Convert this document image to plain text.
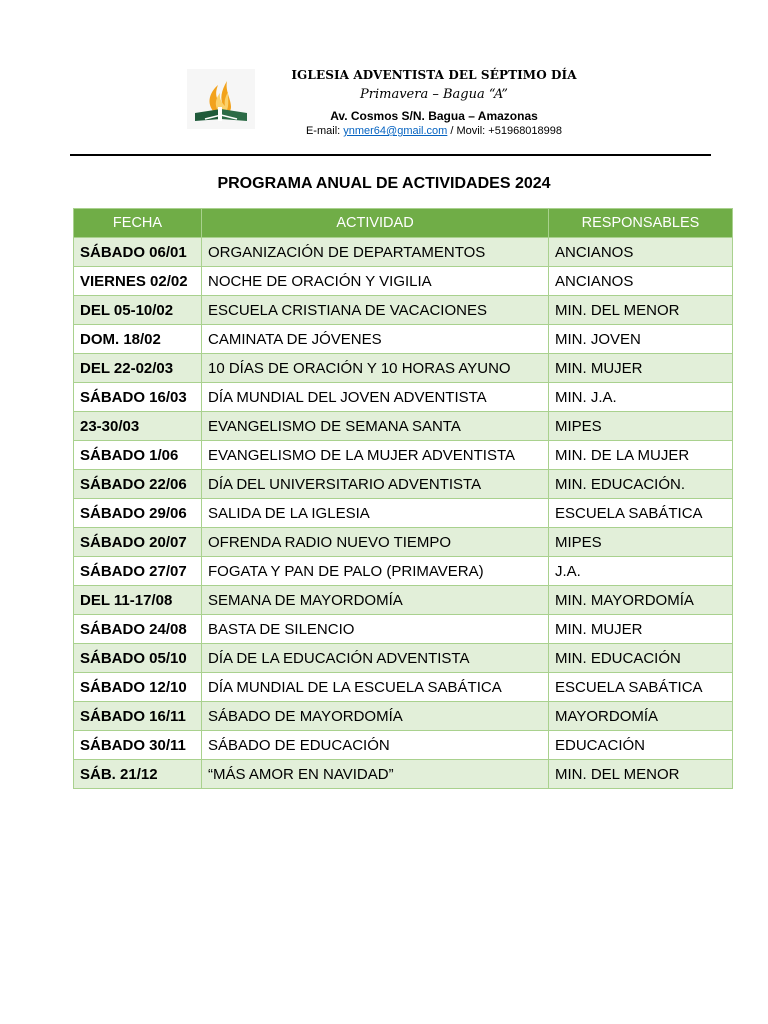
IGLESIA ADVENTISTA DEL SÉPTIMO DÍA
Primavera – Bagua “A”
Av. Cosmos S/N. Bagua – Amazonas
E-mail: ynmer64@gmail.com / Movil: +51968018998
PROGRAMA ANUAL DE ACTIVIDADES 2024
FECHA	ACTIVIDAD	RESPONSABLES
SÁBADO 06/01	ORGANIZACIÓN DE DEPARTAMENTOS	ANCIANOS
VIERNES 02/02	NOCHE DE ORACIÓN Y VIGILIA	ANCIANOS
DEL 05-10/02	ESCUELA CRISTIANA DE VACACIONES	MIN. DEL MENOR
DOM. 18/02	CAMINATA DE JÓVENES	MIN. JOVEN
DEL 22-02/03	10 DÍAS DE ORACIÓN Y 10 HORAS AYUNO	MIN. MUJER
SÁBADO 16/03	DÍA MUNDIAL DEL JOVEN ADVENTISTA	MIN. J.A.
23-30/03	EVANGELISMO DE SEMANA SANTA	MIPES
SÁBADO 1/06	EVANGELISMO DE LA MUJER ADVENTISTA	MIN. DE LA MUJER
SÁBADO 22/06	DÍA DEL UNIVERSITARIO ADVENTISTA	MIN. EDUCACIÓN.
SÁBADO 29/06	SALIDA DE LA IGLESIA	ESCUELA SABÁTICA
SÁBADO 20/07	OFRENDA RADIO NUEVO TIEMPO	MIPES
SÁBADO 27/07	FOGATA Y PAN DE PALO (PRIMAVERA)	J.A.
DEL 11-17/08	SEMANA DE MAYORDOMÍA	MIN. MAYORDOMÍA
SÁBADO 24/08	BASTA DE SILENCIO	MIN. MUJER
SÁBADO 05/10	DÍA DE LA EDUCACIÓN ADVENTISTA	MIN. EDUCACIÓN
SÁBADO 12/10	DÍA MUNDIAL DE LA ESCUELA SABÁTICA	ESCUELA SABÁTICA
SÁBADO 16/11	SÁBADO DE MAYORDOMÍA	MAYORDOMÍA
SÁBADO 30/11	SÁBADO DE EDUCACIÓN	EDUCACIÓN
SÁB. 21/12	“MÁS AMOR EN NAVIDAD”	MIN. DEL MENOR
